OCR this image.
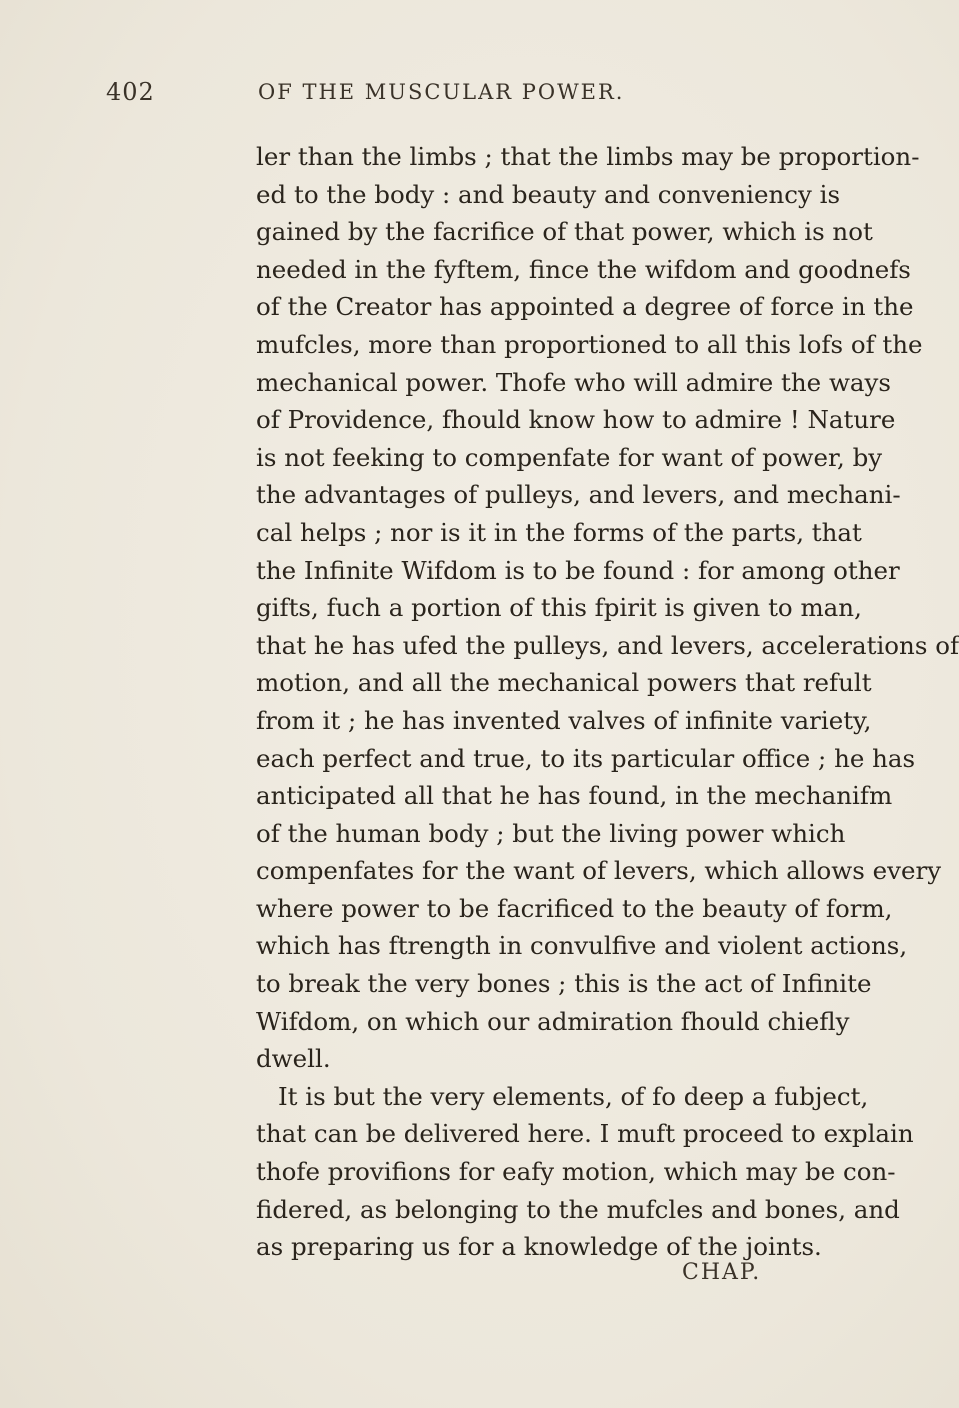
402	OF THE MUSCULAR POWER.
ler than the limbs ; that the limbs may be proportion-
ed to the body : and beauty and conveniency is
gained by the facrifice of that power, which is not
needed in the fyftem, fince the wifdom and goodnefs
of the Creator has appointed a degree of force in the
mufcles, more than proportioned to all this lofs of the
mechanical power. Thofe who will admire the ways
of Providence, fhould know how to admire ! Nature
is not feeking to compenfate for want of power, by
the advantages of pulleys, and levers, and mechani-
cal helps ; nor is it in the forms of the parts, that
the Infinite Wifdom is to be found : for among other
gifts, fuch a portion of this fpirit is given to man,
that he has ufed the pulleys, and levers, accelerations of
motion, and all the mechanical powers that refult
from it ; he has invented valves of infinite variety,
each perfect and true, to its particular office ; he has
anticipated all that he has found, in the mechanifm
of the human body ; but the living power which
compenfates for the want of levers, which allows every
where power to be facrificed to the beauty of form,
which has ftrength in convulfive and violent actions,
to break the very bones ; this is the act of Infinite
Wifdom, on which our admiration fhould chiefly
dwell.
It is but the very elements, of fo deep a fubject,
that can be delivered here. I muft proceed to explain
thofe provifions for eafy motion, which may be con-
fidered, as belonging to the mufcles and bones, and
as preparing us for a knowledge of the joints.
CHAP.
